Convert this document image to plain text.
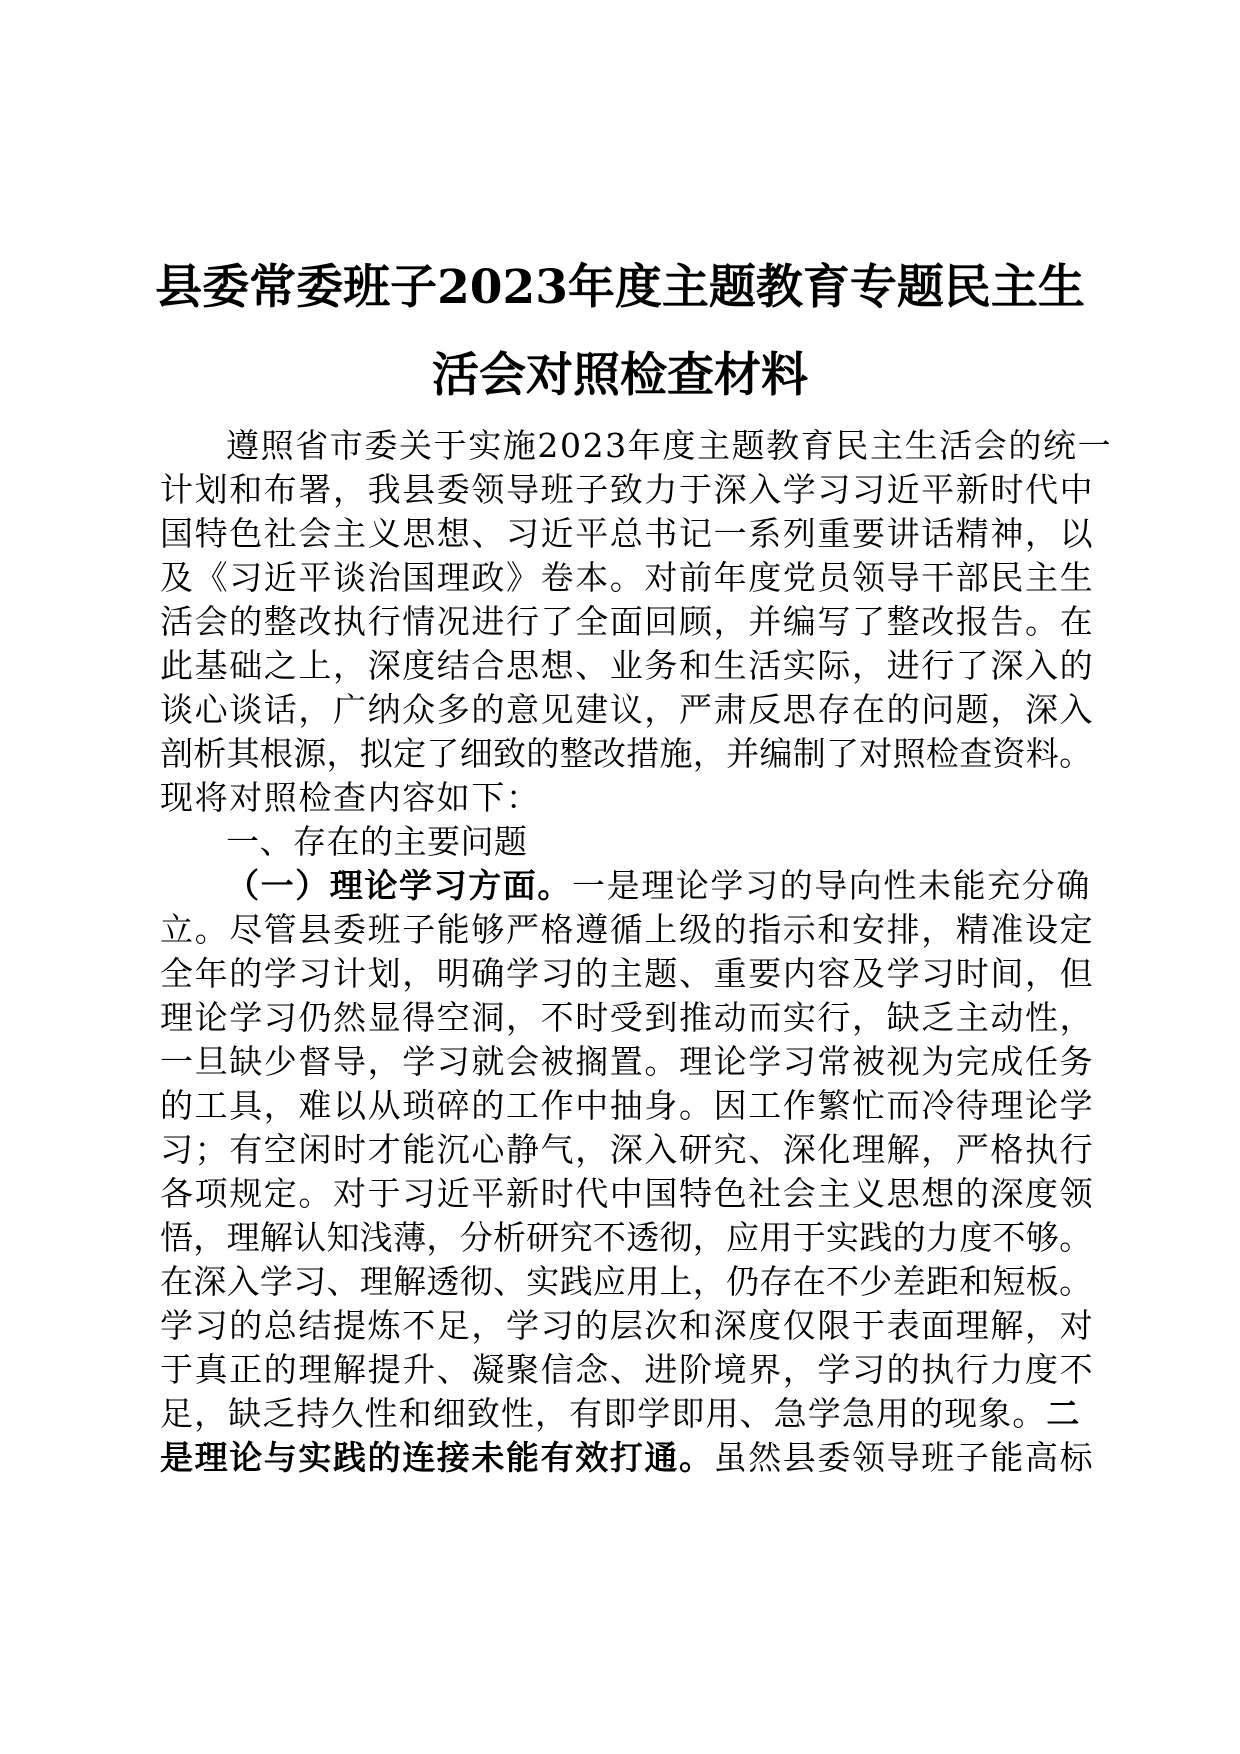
县委常委班子2023年度主题教育专题民主生
活会对照检查材料
遵照省市委关于实施2023年度主题教育民主生活会的统一
计划和布署，我县委领导班子致力于深入学习习近平新时代中
国特色社会主义思想、习近平总书记一系列重要讲话精神，以
及《习近平谈治国理政》卷本。对前年度党员领导干部民主生
活会的整改执行情况进行了全面回顾，并编写了整改报告。在
此基础之上，深度结合思想、业务和生活实际，进行了深入的
谈心谈话，广纳众多的意见建议，严肃反思存在的问题，深入
剖析其根源，拟定了细致的整改措施，并编制了对照检查资料。
现将对照检查内容如下：
一、存在的主要问题
（一）理论学习方面。一是理论学习的导向性未能充分确
立。尽管县委班子能够严格遵循上级的指示和安排，精准设定
全年的学习计划，明确学习的主题、重要内容及学习时间，但
理论学习仍然显得空洞，不时受到推动而实行，缺乏主动性，
一旦缺少督导，学习就会被搁置。理论学习常被视为完成任务
的工具，难以从琐碎的工作中抽身。因工作繁忙而冷待理论学
习；有空闲时才能沉心静气，深入研究、深化理解，严格执行
各项规定。对于习近平新时代中国特色社会主义思想的深度领
悟，理解认知浅薄，分析研究不透彻，应用于实践的力度不够。
在深入学习、理解透彻、实践应用上，仍存在不少差距和短板。
学习的总结提炼不足，学习的层次和深度仅限于表面理解，对
于真正的理解提升、凝聚信念、进阶境界，学习的执行力度不
足，缺乏持久性和细致性，有即学即用、急学急用的现象。二
是理论与实践的连接未能有效打通。虽然县委领导班子能高标
